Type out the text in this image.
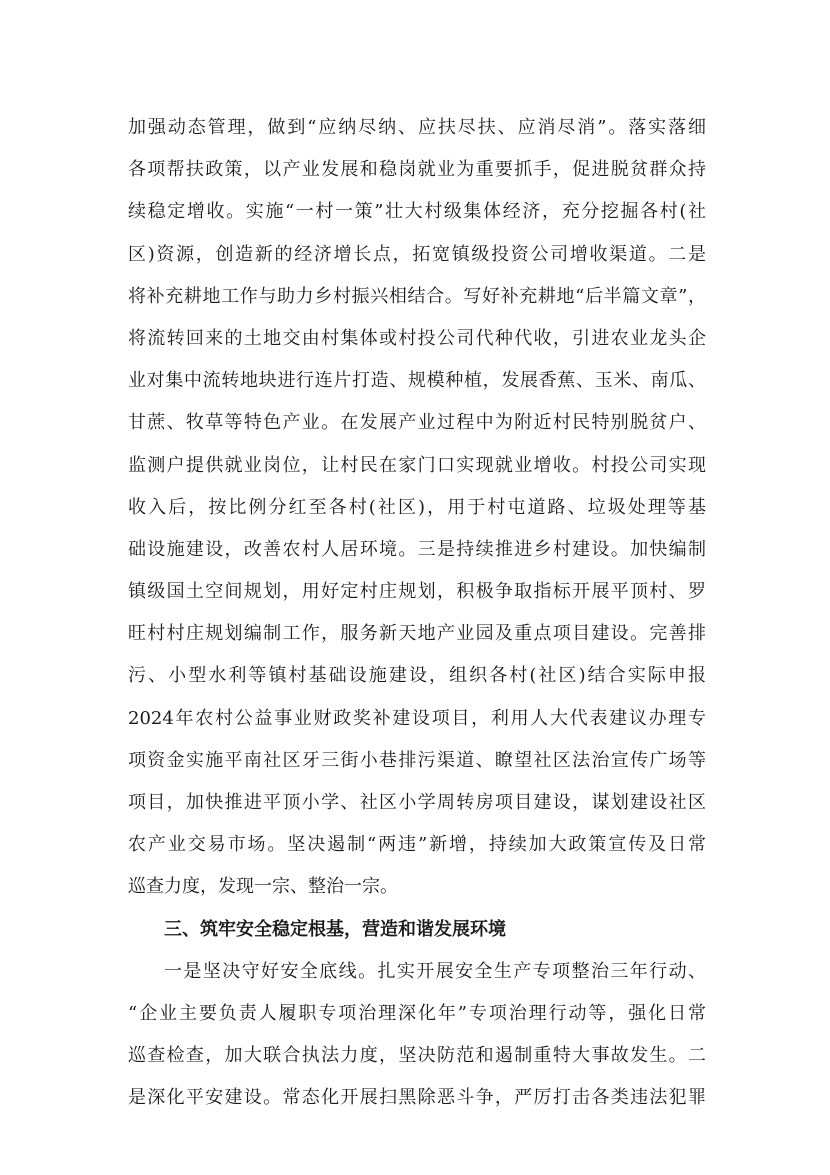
加强动态管理，做到“应纳尽纳、应扶尽扶、应消尽消”。落实落细
各项帮扶政策，以产业发展和稳岗就业为重要抓手，促进脱贫群众持
续稳定增收。实施“一村一策”壮大村级集体经济，充分挖掘各村(社
区)资源，创造新的经济增长点，拓宽镇级投资公司增收渠道。二是
将补充耕地工作与助力乡村振兴相结合。写好补充耕地“后半篇文章”，
将流转回来的土地交由村集体或村投公司代种代收，引进农业龙头企
业对集中流转地块进行连片打造、规模种植，发展香蕉、玉米、南瓜、
甘蔗、牧草等特色产业。在发展产业过程中为附近村民特别脱贫户、
监测户提供就业岗位，让村民在家门口实现就业增收。村投公司实现
收入后，按比例分红至各村(社区)，用于村屯道路、垃圾处理等基
础设施建设，改善农村人居环境。三是持续推进乡村建设。加快编制
镇级国土空间规划，用好定村庄规划，积极争取指标开展平顶村、罗
旺村村庄规划编制工作，服务新天地产业园及重点项目建设。完善排
污、小型水利等镇村基础设施建设，组织各村(社区)结合实际申报
2024年农村公益事业财政奖补建设项目，利用人大代表建议办理专
项资金实施平南社区牙三街小巷排污渠道、瞭望社区法治宣传广场等
项目，加快推进平顶小学、社区小学周转房项目建设，谋划建设社区
农产业交易市场。坚决遏制“两违”新增，持续加大政策宣传及日常
巡查力度，发现一宗、整治一宗。
三、筑牢安全稳定根基，营造和谐发展环境
一是坚决守好安全底线。扎实开展安全生产专项整治三年行动、
“企业主要负责人履职专项治理深化年”专项治理行动等，强化日常
巡查检查，加大联合执法力度，坚决防范和遏制重特大事故发生。二
是深化平安建设。常态化开展扫黑除恶斗争，严厉打击各类违法犯罪
